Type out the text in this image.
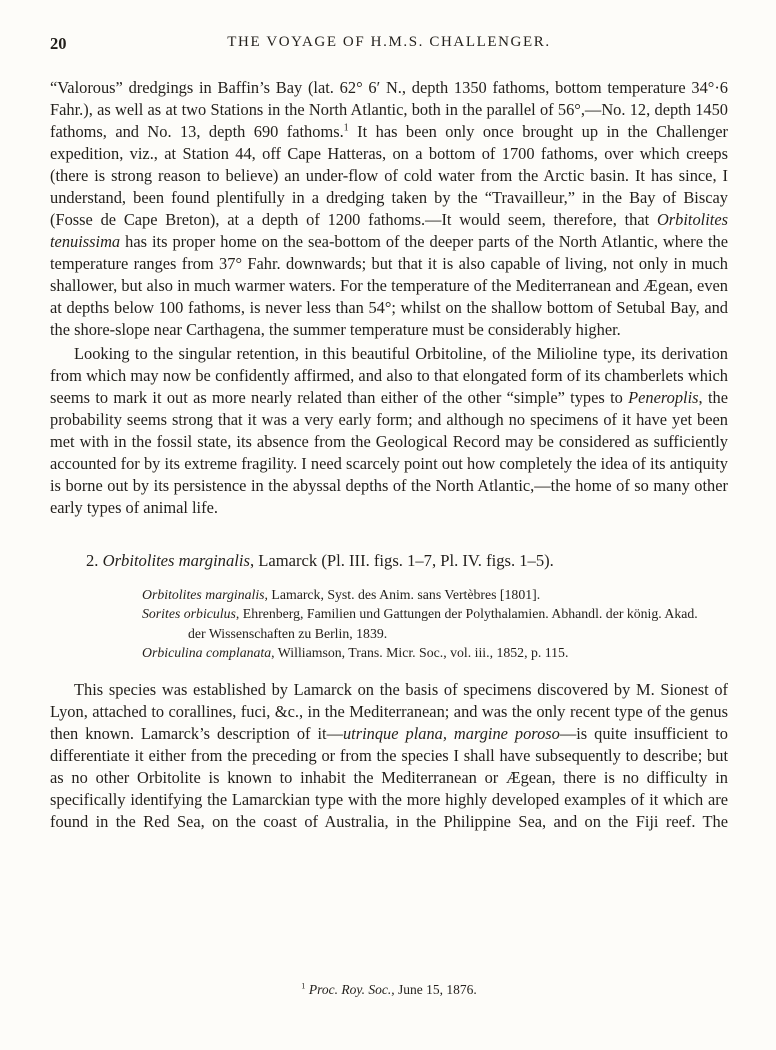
20	THE VOYAGE OF H.M.S. CHALLENGER.

“Valorous” dredgings in Baffin’s Bay (lat. 62° 6′ N., depth 1350 fathoms, bottom temperature 34°·6 Fahr.), as well as at two Stations in the North Atlantic, both in the parallel of 56°,—No. 12, depth 1450 fathoms, and No. 13, depth 690 fathoms.$^1$ It has been only once brought up in the Challenger expedition, viz., at Station 44, off Cape Hatteras, on a bottom of 1700 fathoms, over which creeps (there is strong reason to believe) an under-flow of cold water from the Arctic basin. It has since, I understand, been found plentifully in a dredging taken by the “Travailleur,” in the Bay of Biscay (Fosse de Cape Breton), at a depth of 1200 fathoms.—It would seem, therefore, that Orbitolites tenuissima has its proper home on the sea-bottom of the deeper parts of the North Atlantic, where the temperature ranges from 37° Fahr. downwards; but that it is also capable of living, not only in much shallower, but also in much warmer waters. For the temperature of the Mediterranean and Ægean, even at depths below 100 fathoms, is never less than 54°; whilst on the shallow bottom of Setubal Bay, and the shore-slope near Carthagena, the summer temperature must be considerably higher.

Looking to the singular retention, in this beautiful Orbitoline, of the Milioline type, its derivation from which may now be confidently affirmed, and also to that elongated form of its chamberlets which seems to mark it out as more nearly related than either of the other “simple” types to Peneroplis, the probability seems strong that it was a very early form; and although no specimens of it have yet been met with in the fossil state, its absence from the Geological Record may be considered as sufficiently accounted for by its extreme fragility. I need scarcely point out how completely the idea of its antiquity is borne out by its persistence in the abyssal depths of the North Atlantic,—the home of so many other early types of animal life.

2. Orbitolites marginalis, Lamarck (Pl. III. figs. 1–7, Pl. IV. figs. 1–5).

Orbitolites marginalis, Lamarck, Syst. des Anim. sans Vertèbres [1801].

Sorites orbiculus, Ehrenberg, Familien und Gattungen der Polythalamien. Abhandl. der könig. Akad. der Wissenschaften zu Berlin, 1839.

Orbiculina complanata, Williamson, Trans. Micr. Soc., vol. iii., 1852, p. 115.

This species was established by Lamarck on the basis of specimens discovered by M. Sionest of Lyon, attached to corallines, fuci, &c., in the Mediterranean; and was the only recent type of the genus then known. Lamarck’s description of it—utrinque plana, margine poroso—is quite insufficient to differentiate it either from the preceding or from the species I shall have subsequently to describe; but as no other Orbitolite is known to inhabit the Mediterranean or Ægean, there is no difficulty in specifically identifying the Lamarckian type with the more highly developed examples of it which are found in the Red Sea, on the coast of Australia, in the Philippine Sea, and on the Fiji reef. The

$^1$ Proc. Roy. Soc., June 15, 1876.
